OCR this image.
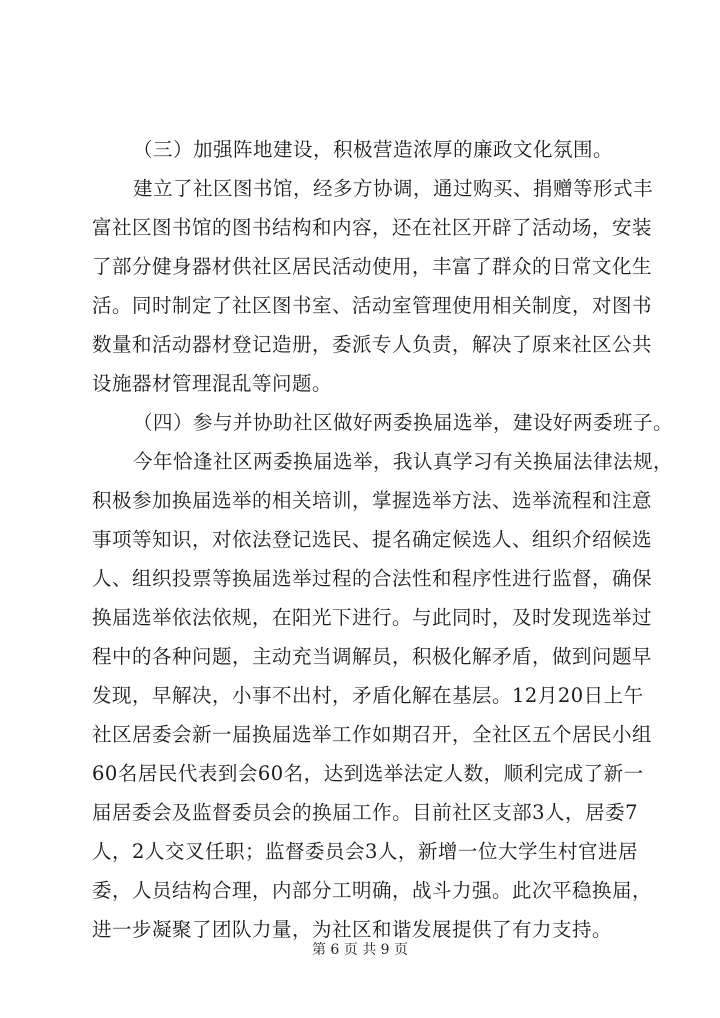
（三）加强阵地建设，积极营造浓厚的廉政文化氛围。
建立了社区图书馆，经多方协调，通过购买、捐赠等形式丰
富社区图书馆的图书结构和内容，还在社区开辟了活动场，安装
了部分健身器材供社区居民活动使用，丰富了群众的日常文化生
活。同时制定了社区图书室、活动室管理使用相关制度，对图书
数量和活动器材登记造册，委派专人负责，解决了原来社区公共
设施器材管理混乱等问题。
（四）参与并协助社区做好两委换届选举，建设好两委班子。
今年恰逢社区两委换届选举，我认真学习有关换届法律法规，
积极参加换届选举的相关培训，掌握选举方法、选举流程和注意
事项等知识，对依法登记选民、提名确定候选人、组织介绍候选
人、组织投票等换届选举过程的合法性和程序性进行监督，确保
换届选举依法依规，在阳光下进行。与此同时，及时发现选举过
程中的各种问题，主动充当调解员，积极化解矛盾，做到问题早
发现，早解决，小事不出村，矛盾化解在基层。12月20日上午
社区居委会新一届换届选举工作如期召开，全社区五个居民小组
60名居民代表到会60名，达到选举法定人数，顺利完成了新一
届居委会及监督委员会的换届工作。目前社区支部3人，居委7
人，2人交叉任职；监督委员会3人，新增一位大学生村官进居
委，人员结构合理，内部分工明确，战斗力强。此次平稳换届，
进一步凝聚了团队力量，为社区和谐发展提供了有力支持。
第 6 页 共 9 页
